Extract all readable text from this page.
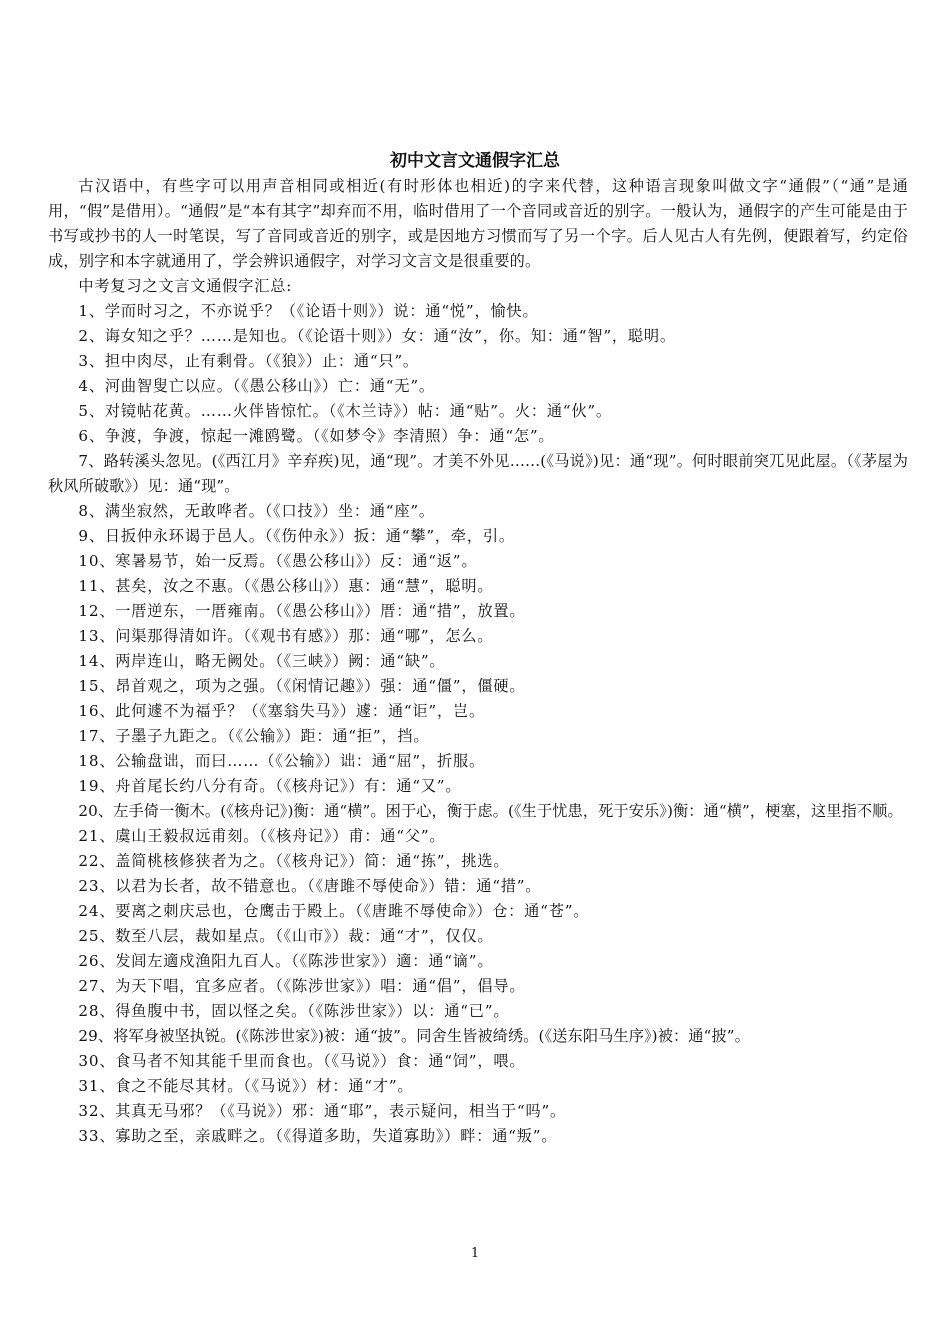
初中文言文通假字汇总

古汉语中，有些字可以用声音相同或相近(有时形体也相近)的字来代替，这种语言现象叫做文字“通假”（“通”是通用，“假”是借用）。“通假”是“本有其字”却弃而不用，临时借用了一个音同或音近的别字。一般认为，通假字的产生可能是由于书写或抄书的人一时笔误，写了音同或音近的别字，或是因地方习惯而写了另一个字。后人见古人有先例，便跟着写，约定俗成，别字和本字就通用了，学会辨识通假字，对学习文言文是很重要的。

中考复习之文言文通假字汇总:

1、学而时习之，不亦说乎？（《论语十则》）说：通“悦”，愉快。

2、诲女知之乎？……是知也。（《论语十则》）女：通“汝”，你。知：通“智”，聪明。

3、担中肉尽，止有剩骨。（《狼》）止：通“只”。

4、河曲智叟亡以应。（《愚公移山》）亡：通“无”。

5、对镜帖花黄。……火伴皆惊忙。（《木兰诗》）帖：通“贴”。火：通“伙”。

6、争渡，争渡，惊起一滩鸥鹭。（《如梦令》李清照）争：通“怎”。

7、路转溪头忽见。(《西江月》辛弃疾)见，通“现”。才美不外见……(《马说》)见：通“现”。何时眼前突兀见此屋。（《茅屋为秋风所破歌》）见：通“现”。

8、满坐寂然，无敢哗者。（《口技》）坐：通“座”。

9、日扳仲永环谒于邑人。（《伤仲永》）扳：通“攀”，牵，引。

10、寒暑易节，始一反焉。（《愚公移山》）反：通“返”。

11、甚矣，汝之不惠。（《愚公移山》）惠：通“慧”，聪明。

12、一厝逆东，一厝雍南。（《愚公移山》）厝：通“措”，放置。

13、问渠那得清如许。（《观书有感》）那：通“哪”，怎么。

14、两岸连山，略无阙处。（《三峡》）阙：通“缺”。

15、昂首观之，项为之强。（《闲情记趣》）强：通“僵”，僵硬。

16、此何遽不为福乎？（《塞翁失马》）遽：通“讵”，岂。

17、子墨子九距之。（《公输》）距：通“拒”，挡。

18、公输盘诎，而曰……（《公输》）诎：通“屈”，折服。

19、舟首尾长约八分有奇。（《核舟记》）有：通“又”。

20、左手倚一衡木。(《核舟记》)衡：通“横”。困于心，衡于虑。(《生于忧患，死于安乐》)衡：通“横”，梗塞，这里指不顺。

21、虞山王毅叔远甫刻。（《核舟记》）甫：通“父”。

22、盖简桃核修狭者为之。（《核舟记》）简：通“拣”，挑选。

23、以君为长者，故不错意也。（《唐雎不辱使命》）错：通“措”。

24、要离之刺庆忌也，仓鹰击于殿上。（《唐雎不辱使命》）仓：通“苍”。

25、数至八层，裁如星点。（《山市》）裁：通“才”，仅仅。

26、发闾左適戍渔阳九百人。（《陈涉世家》）適：通“谪”。

27、为天下唱，宜多应者。（《陈涉世家》）唱：通“倡”，倡导。

28、得鱼腹中书，固以怪之矣。（《陈涉世家》）以：通“已”。

29、将军身被坚执锐。(《陈涉世家》)被：通“披”。同舍生皆被绮绣。(《送东阳马生序》)被：通“披”。

30、食马者不知其能千里而食也。（《马说》）食：通“饲”，喂。

31、食之不能尽其材。（《马说》）材：通“才”。

32、其真无马邪？（《马说》）邪：通“耶”，表示疑问，相当于“吗”。

33、寡助之至，亲戚畔之。（《得道多助，失道寡助》）畔：通“叛”。

1
